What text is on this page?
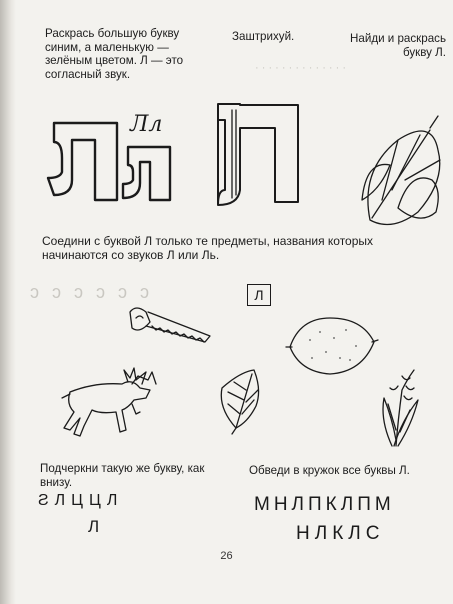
· · · · · · · · · · · · · ·
ͻ ͻ ͻ ͻ ͻ ͻ
Раскрась большую букву синим, а маленькую — зелёным цветом. Л — это согласный звук.
Заштрихуй.	Найди и раскрась букву Л.
Лл
Соедини с буквой Л только те предметы, названия которых начинаются со звуков Л или Ль.
Л
Подчеркни такую же букву, как внизу.
Обведи в кружок все буквы Л.
ƧЛЦЦЛ
Л
МНЛПКЛПМ
НЛКЛС
26
